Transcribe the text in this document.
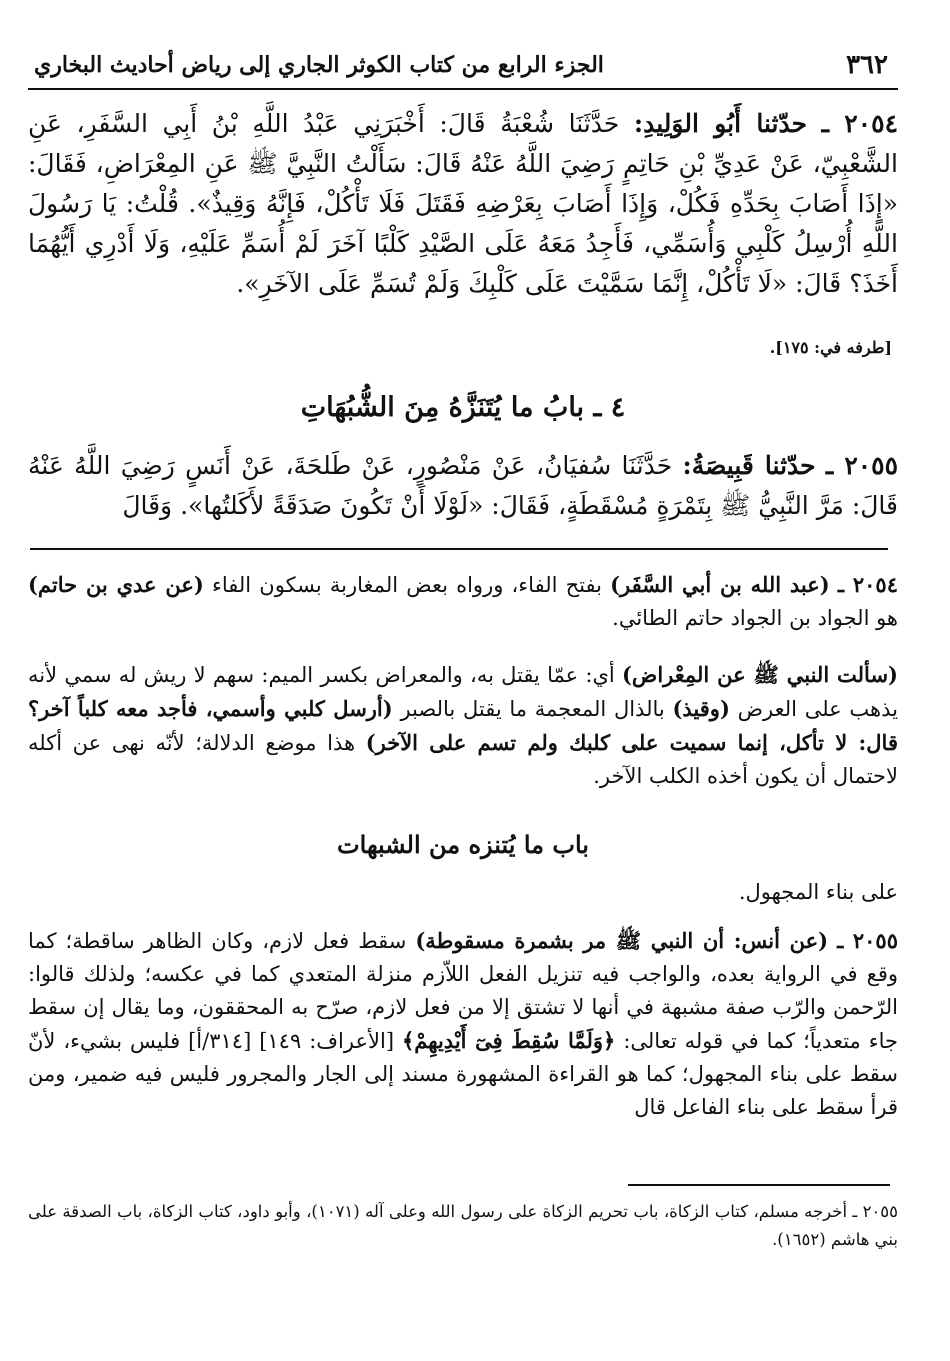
٣٦٢
الجزء الرابع من كتاب الكوثر الجاري إلى رياض أحاديث البخاري

٢٠٥٤ ـ حدّثنا أَبُو الوَلِيدِ: حَدَّثَنَا شُعْبَةُ قَالَ: أَخْبَرَنِي عَبْدُ اللَّهِ بْنُ أَبِي السَّفَرِ، عَنِ الشَّعْبِيّ، عَنْ عَدِيِّ بْنِ حَاتِمٍ رَضِيَ اللَّهُ عَنْهُ قَالَ: سَأَلْتُ النَّبِيَّ ﷺ عَنِ المِعْرَاضِ، فَقَالَ: «إِذَا أَصَابَ بِحَدِّهِ فَكُلْ، وَإِذَا أَصَابَ بِعَرْضِهِ فَقَتَلَ فَلَا تَأْكُلْ، فَإِنَّهُ وَقِيذٌ». قُلْتُ: يَا رَسُولَ اللَّهِ أُرْسِلُ كَلْبِي وَأُسَمِّي، فَأَجِدُ مَعَهُ عَلَى الصَّيْدِ كَلْبًا آخَرَ لَمْ أُسَمِّ عَلَيْهِ، وَلَا أَدْرِي أَيُّهُمَا أَخَذَ؟ قَالَ: «لَا تَأْكُلْ، إِنَّمَا سَمَّيْتَ عَلَى كَلْبِكَ وَلَمْ تُسَمِّ عَلَى الآخَرِ».

[طرفه في: ١٧٥].
٤ ـ بابُ ما يُتَنَزَّهُ مِنَ الشُّبُهَاتِ

٢٠٥٥ ـ حدّثنا قَبِيصَةُ: حَدَّثَنَا سُفيَانُ، عَنْ مَنْصُورٍ، عَنْ طَلحَةَ، عَنْ أَنَسٍ رَضِيَ اللَّهُ عَنْهُ قَالَ: مَرَّ النَّبِيُّ ﷺ بِتَمْرَةٍ مُسْقَطَةٍ، فَقَالَ: «لَوْلَا أَنْ تَكُونَ صَدَقَةً لأَكَلتُها». وَقَالَ

٢٠٥٤ ـ (عبد الله بن أبي السَّفَر) بفتح الفاء، ورواه بعض المغاربة بسكون الفاء (عن عدي بن حاتم) هو الجواد بن الجواد حاتم الطائي.

(سألت النبي ﷺ عن المِعْراض) أي: عمّا يقتل به، والمعراض بكسر الميم: سهم لا ريش له سمي لأنه يذهب على العرض (وقيذ) بالذال المعجمة ما يقتل بالصبر (أرسل كلبي وأسمي، فأجد معه كلباً آخر؟ قال: لا تأكل، إنما سميت على كلبك ولم تسم على الآخر) هذا موضع الدلالة؛ لأنّه نهى عن أكله لاحتمال أن يكون أخذه الكلب الآخر.

باب ما يُتنزه من الشبهات

على بناء المجهول.

٢٠٥٥ ـ (عن أنس: أن النبي ﷺ مر بشمرة مسقوطة) سقط فعل لازم، وكان الظاهر ساقطة؛ كما وقع في الرواية بعده، والواجب فيه تنزيل الفعل اللاّزم منزلة المتعدي كما في عكسه؛ ولذلك قالوا: الرّحمن والرّب صفة مشبهة في أنها لا تشتق إلا من فعل لازم، صرّح به المحققون، وما يقال إن سقط جاء متعدياً؛ كما في قوله تعالى: ﴿وَلَمَّا سُقِطَ فِىٓ أَيْدِيهِمْ﴾ [الأعراف: ١٤٩] [٣١٤/أ] فليس بشيء، لأنّ سقط على بناء المجهول؛ كما هو القراءة المشهورة مسند إلى الجار والمجرور فليس فيه ضمير، ومن قرأ سقط على بناء الفاعل قال

٢٠٥٥ ـ أخرجه مسلم، كتاب الزكاة، باب تحريم الزكاة على رسول الله وعلى آله (١٠٧١)، وأبو داود، كتاب الزكاة، باب الصدقة على بني هاشم (١٦٥٢).
